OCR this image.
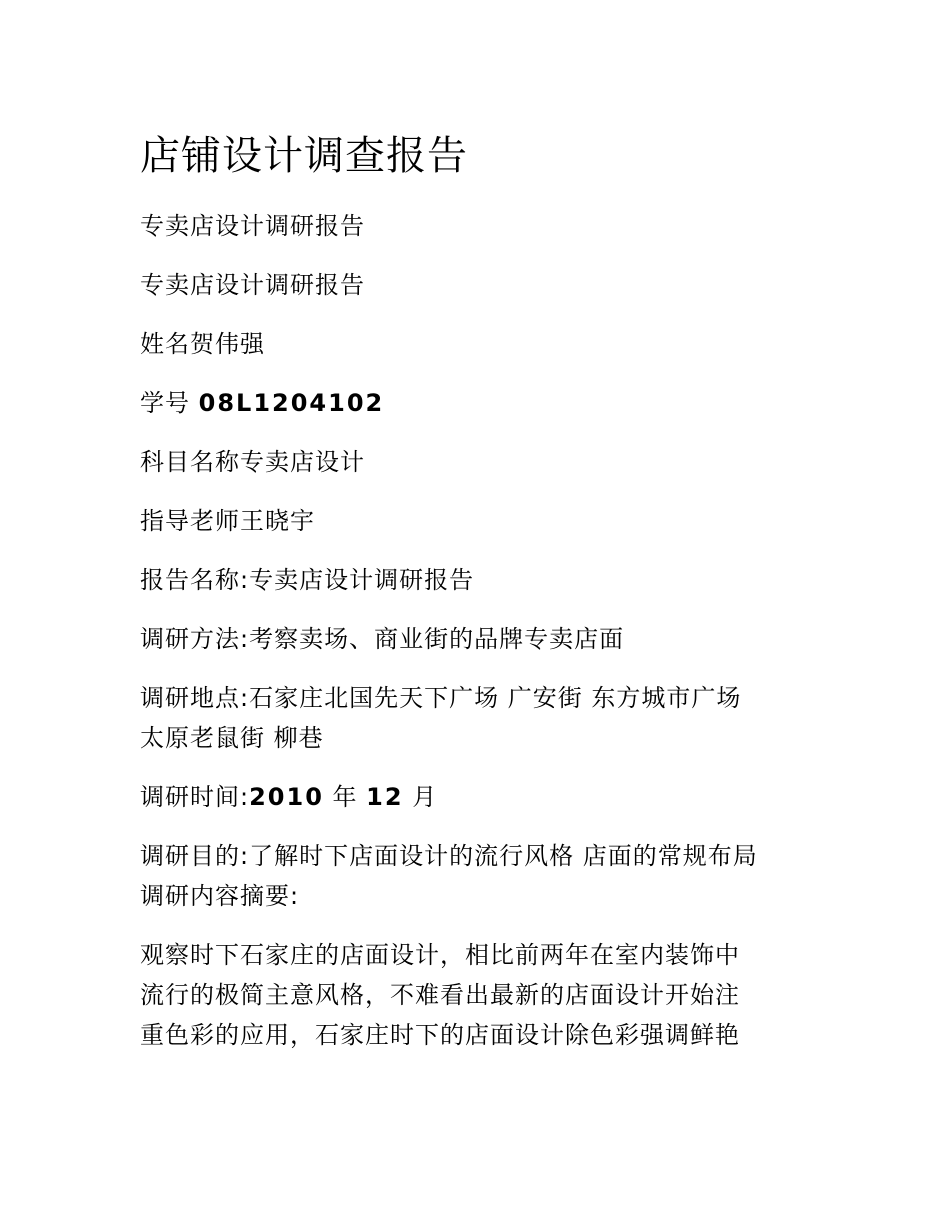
店铺设计调查报告

专卖店设计调研报告

专卖店设计调研报告

姓名贺伟强

学号 08L1204102

科目名称专卖店设计

指导老师王晓宇

报告名称:专卖店设计调研报告

调研方法:考察卖场、商业街的品牌专卖店面

调研地点:石家庄北国先天下广场 广安街 东方城市广场
太原老鼠街 柳巷

调研时间:2010 年 12 月

调研目的:了解时下店面设计的流行风格 店面的常规布局
调研内容摘要:

观察时下石家庄的店面设计，相比前两年在室内装饰中
流行的极简主意风格，不难看出最新的店面设计开始注
重色彩的应用，石家庄时下的店面设计除色彩强调鲜艳
